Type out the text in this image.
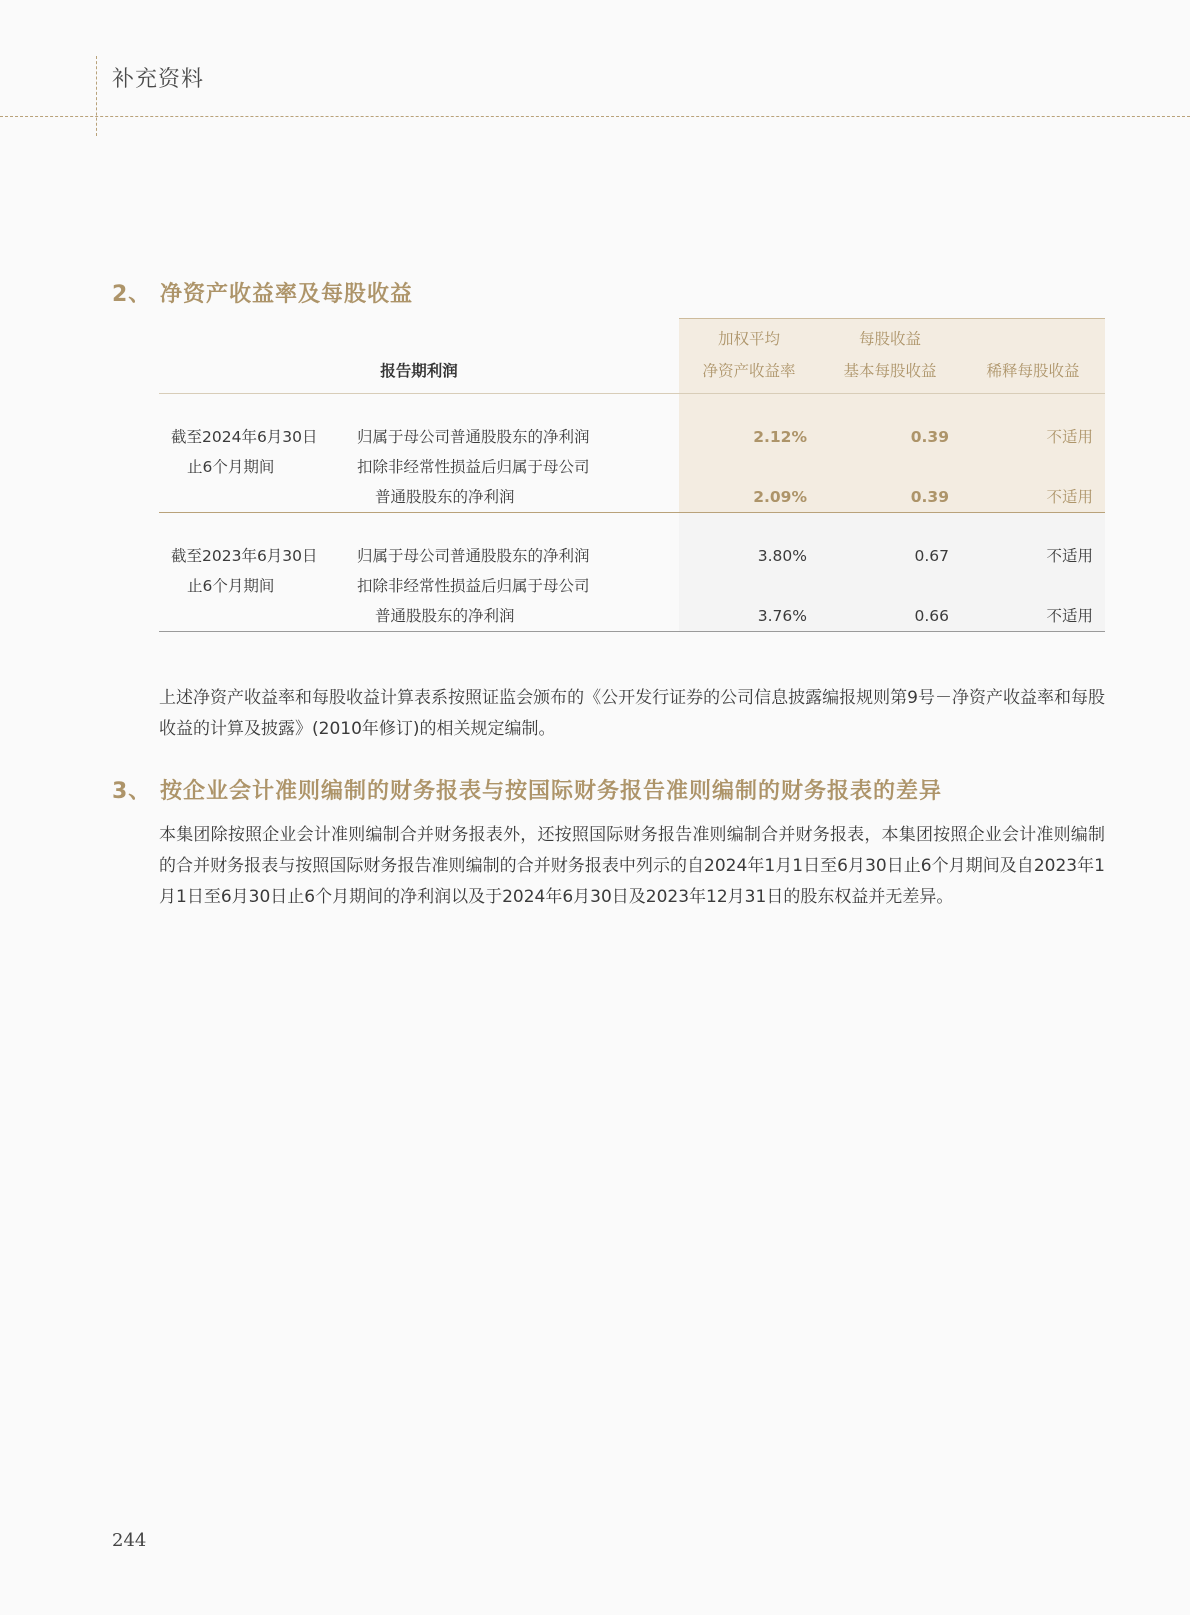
补充资料
2、 净资产收益率及每股收益
		加权平均	每股收益	
报告期利润		净资产收益率	基本每股收益	稀释每股收益

截至2024年6月30日	归属于母公司普通股股东的净利润	2.12%	0.39	不适用
止6个月期间	扣除非经常性损益后归属于母公司			
	普通股股东的净利润	2.09%	0.39	不适用

截至2023年6月30日	归属于母公司普通股股东的净利润	3.80%	0.67	不适用
止6个月期间	扣除非经常性损益后归属于母公司			
	普通股股东的净利润	3.76%	0.66	不适用
上述净资产收益率和每股收益计算表系按照证监会颁布的《公开发行证券的公司信息披露编报规则第9号－净资产收益率和每股收益的计算及披露》(2010年修订)的相关规定编制。
3、 按企业会计准则编制的财务报表与按国际财务报告准则编制的财务报表的差异
本集团除按照企业会计准则编制合并财务报表外，还按照国际财务报告准则编制合并财务报表，本集团按照企业会计准则编制的合并财务报表与按照国际财务报告准则编制的合并财务报表中列示的自2024年1月1日至6月30日止6个月期间及自2023年1月1日至6月30日止6个月期间的净利润以及于2024年6月30日及2023年12月31日的股东权益并无差异。
244
